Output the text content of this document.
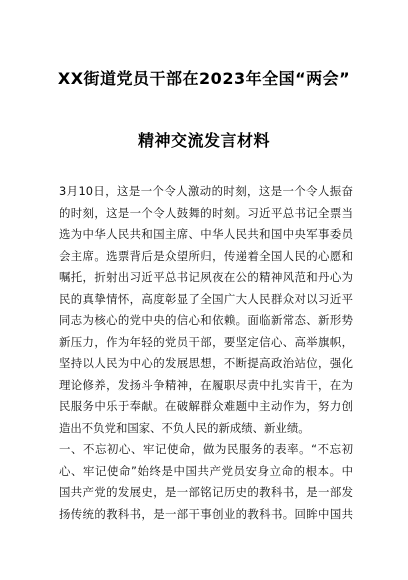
XX街道党员干部在2023年全国“两会”
精神交流发言材料
3月10日，这是一个令人激动的时刻，这是一个令人振奋
的时刻，这是一个令人鼓舞的时刻。习近平总书记全票当
选为中华人民共和国主席、中华人民共和国中央军事委员
会主席。选票背后是众望所归，传递着全国人民的心愿和
嘱托，折射出习近平总书记夙夜在公的精神风范和丹心为
民的真挚情怀，高度彰显了全国广大人民群众对以习近平
同志为核心的党中央的信心和依赖。面临新常态、新形势
新压力，作为年轻的党员干部，要坚定信心、高举旗帜，
坚持以人民为中心的发展思想，不断提高政治站位，强化
理论修养，发扬斗争精神，在履职尽责中扎实肯干，在为
民服务中乐于奉献。在破解群众难题中主动作为，努力创
造出不负党和国家、不负人民的新成绩、新业绩。
一、不忘初心、牢记使命，做为民服务的表率。“不忘初
心、牢记使命”始终是中国共产党员安身立命的根本。中
国共产党的发展史，是一部铭记历史的教科书，是一部发
扬传统的教科书，是一部干事创业的教科书。回眸中国共
